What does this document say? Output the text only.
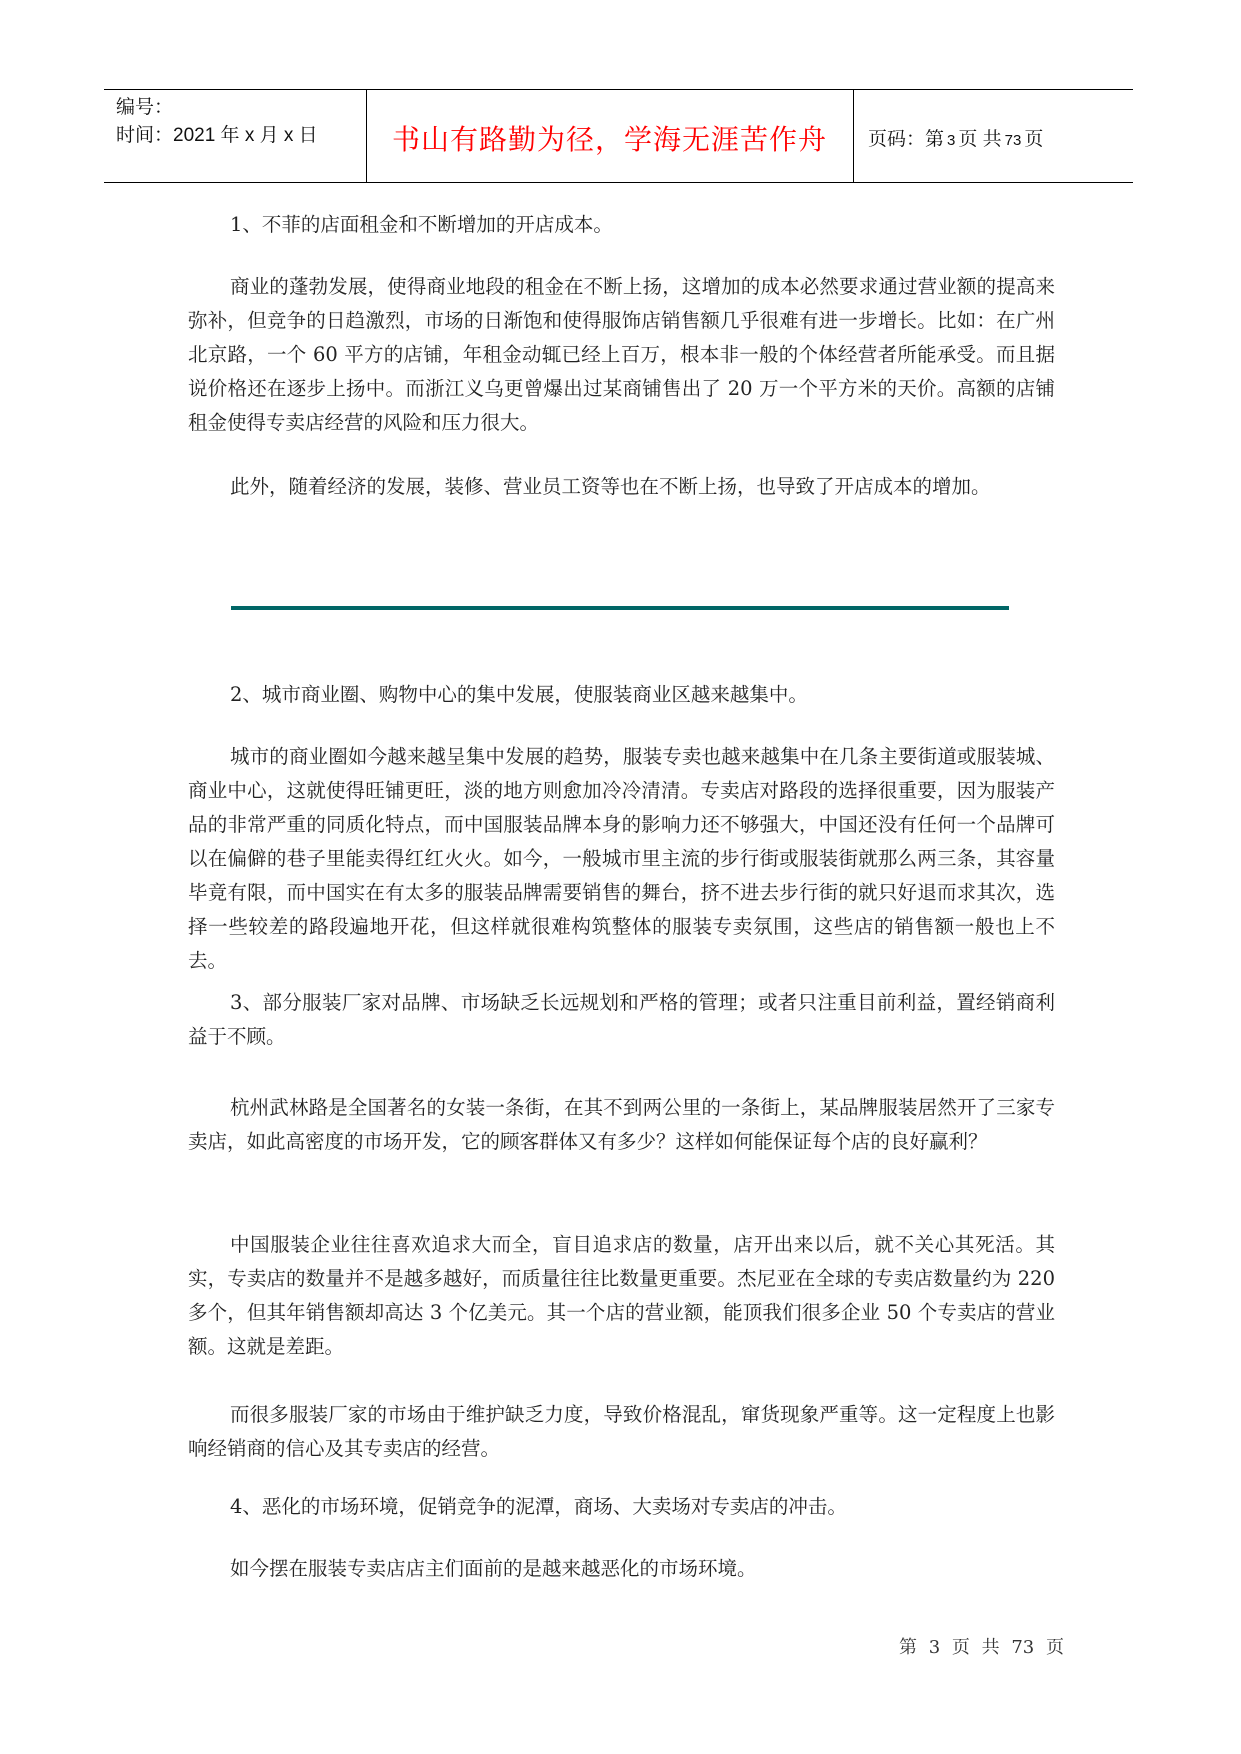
编号：
时间：2021 年 x 月 x 日	书山有路勤为径，学海无涯苦作舟	页码：第 3 页 共 73 页

1、不菲的店面租金和不断增加的开店成本。

商业的蓬勃发展，使得商业地段的租金在不断上扬，这增加的成本必然要求通过营业额的提高来弥补，但竞争的日趋激烈，市场的日渐饱和使得服饰店销售额几乎很难有进一步增长。比如：在广州北京路，一个 60 平方的店铺，年租金动辄已经上百万，根本非一般的个体经营者所能承受。而且据说价格还在逐步上扬中。而浙江义乌更曾爆出过某商铺售出了 20 万一个平方米的天价。高额的店铺租金使得专卖店经营的风险和压力很大。

此外，随着经济的发展，装修、营业员工资等也在不断上扬，也导致了开店成本的增加。

2、城市商业圈、购物中心的集中发展，使服装商业区越来越集中。

城市的商业圈如今越来越呈集中发展的趋势，服装专卖也越来越集中在几条主要街道或服装城、商业中心，这就使得旺铺更旺，淡的地方则愈加冷冷清清。专卖店对路段的选择很重要，因为服装产品的非常严重的同质化特点，而中国服装品牌本身的影响力还不够强大，中国还没有任何一个品牌可以在偏僻的巷子里能卖得红红火火。如今，一般城市里主流的步行街或服装街就那么两三条，其容量毕竟有限，而中国实在有太多的服装品牌需要销售的舞台，挤不进去步行街的就只好退而求其次，选择一些较差的路段遍地开花，但这样就很难构筑整体的服装专卖氛围，这些店的销售额一般也上不去。

3、部分服装厂家对品牌、市场缺乏长远规划和严格的管理；或者只注重目前利益，置经销商利益于不顾。

杭州武林路是全国著名的女装一条街，在其不到两公里的一条街上，某品牌服装居然开了三家专卖店，如此高密度的市场开发，它的顾客群体又有多少？这样如何能保证每个店的良好赢利？

中国服装企业往往喜欢追求大而全，盲目追求店的数量，店开出来以后，就不关心其死活。其实，专卖店的数量并不是越多越好，而质量往往比数量更重要。杰尼亚在全球的专卖店数量约为 220 多个，但其年销售额却高达 3 个亿美元。其一个店的营业额，能顶我们很多企业 50 个专卖店的营业额。这就是差距。

而很多服装厂家的市场由于维护缺乏力度，导致价格混乱，窜货现象严重等。这一定程度上也影响经销商的信心及其专卖店的经营。

4、恶化的市场环境，促销竞争的泥潭，商场、大卖场对专卖店的冲击。

如今摆在服装专卖店店主们面前的是越来越恶化的市场环境。

第 3 页 共 73 页
